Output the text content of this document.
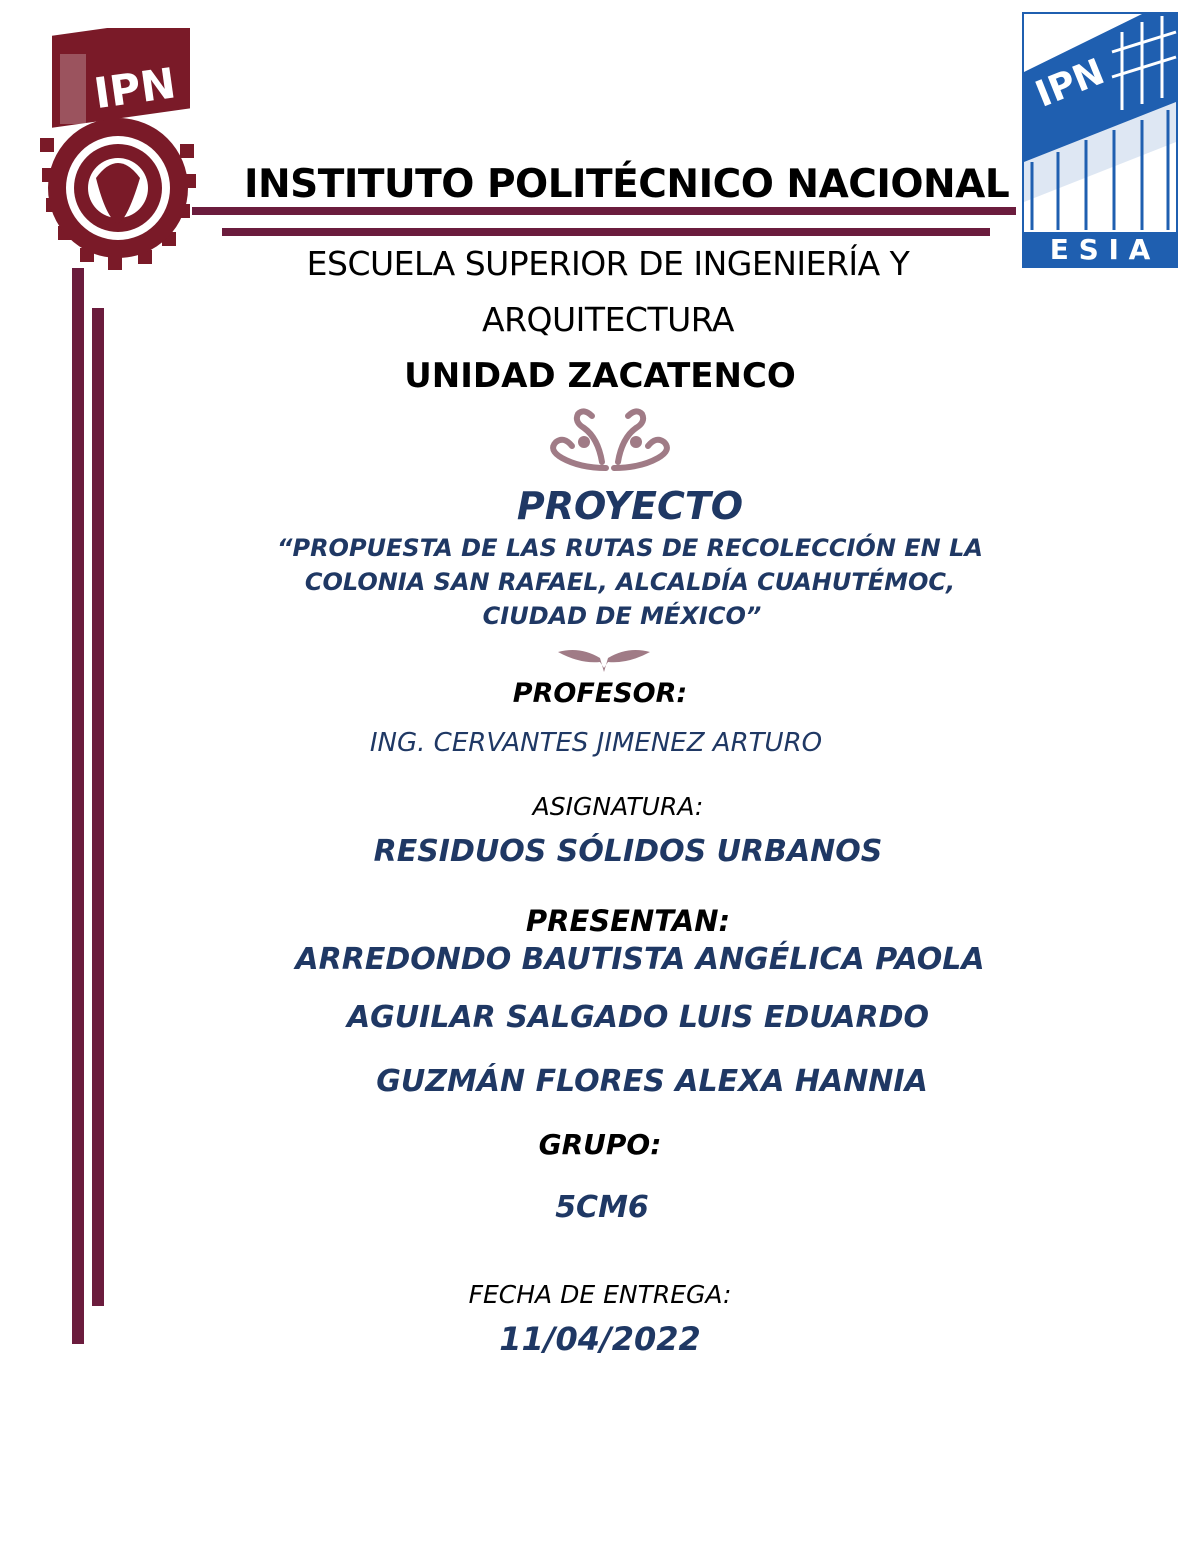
IPN	IPN
E S I A
INSTITUTO POLITÉCNICO NACIONAL
ESCUELA SUPERIOR DE INGENIERÍA Y
ARQUITECTURA
UNIDAD ZACATENCO
PROYECTO
“PROPUESTA DE LAS RUTAS DE RECOLECCIÓN EN LA
COLONIA SAN RAFAEL, ALCALDÍA CUAHUTÉMOC,
CIUDAD DE MÉXICO”
PROFESOR:
ING. CERVANTES JIMENEZ ARTURO
ASIGNATURA:
RESIDUOS SÓLIDOS URBANOS
PRESENTAN:
ARREDONDO BAUTISTA ANGÉLICA PAOLA
AGUILAR SALGADO LUIS EDUARDO
GUZMÁN FLORES ALEXA HANNIA
GRUPO:
5CM6
FECHA DE ENTREGA:
11/04/2022
